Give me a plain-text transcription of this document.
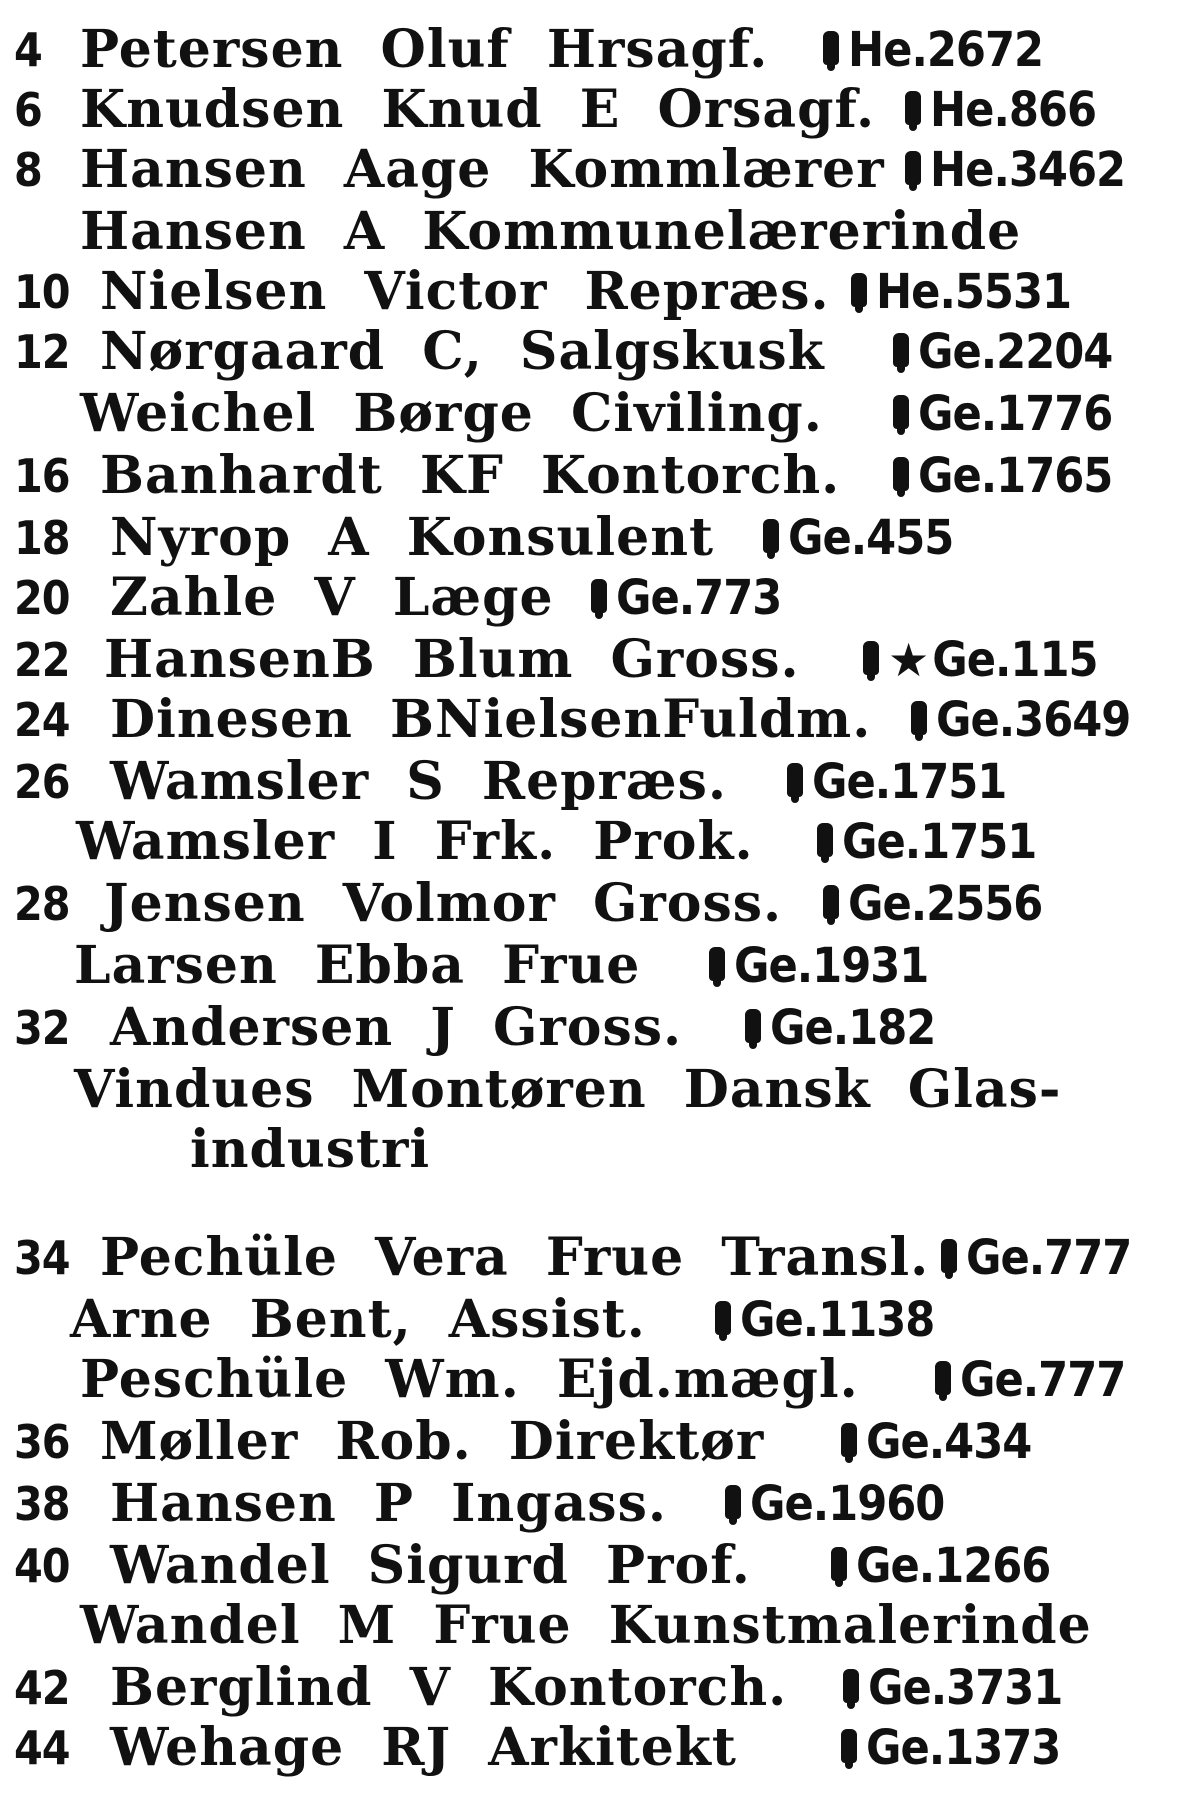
4 Petersen Oluf Hrsagf. He.2672
6 Knudsen Knud E Orsagf. He.866
8 Hansen Aage Kommlærer He.3462
Hansen A Kommunelærerinde
10 Nielsen Victor Repræs. He.5531
12 Nørgaard C, Salgskusk Ge.2204
Weichel Børge Civiling. Ge.1776
16 Banhardt KF Kontorch. Ge.1765
18 Nyrop A Konsulent Ge.455
20 Zahle V Læge Ge.773
22 HansenB Blum Gross. ★ Ge.115
24 Dinesen BNielsenFuldm. Ge.3649
26 Wamsler S Repræs. Ge.1751
Wamsler I Frk. Prok. Ge.1751
28 Jensen Volmor Gross. Ge.2556
Larsen Ebba Frue Ge.1931
32 Andersen J Gross. Ge.182
Vindues Montøren Dansk Glas-
industri
34 Pechüle Vera Frue Transl. Ge.777
Arne Bent, Assist. Ge.1138
Peschüle Wm. Ejd.mægl. Ge.777
36 Møller Rob. Direktør Ge.434
38 Hansen P Ingass. Ge.1960
40 Wandel Sigurd Prof. Ge.1266
Wandel M Frue Kunstmalerinde
42 Berglind V Kontorch. Ge.3731
44 Wehage RJ Arkitekt	Ge.1373
